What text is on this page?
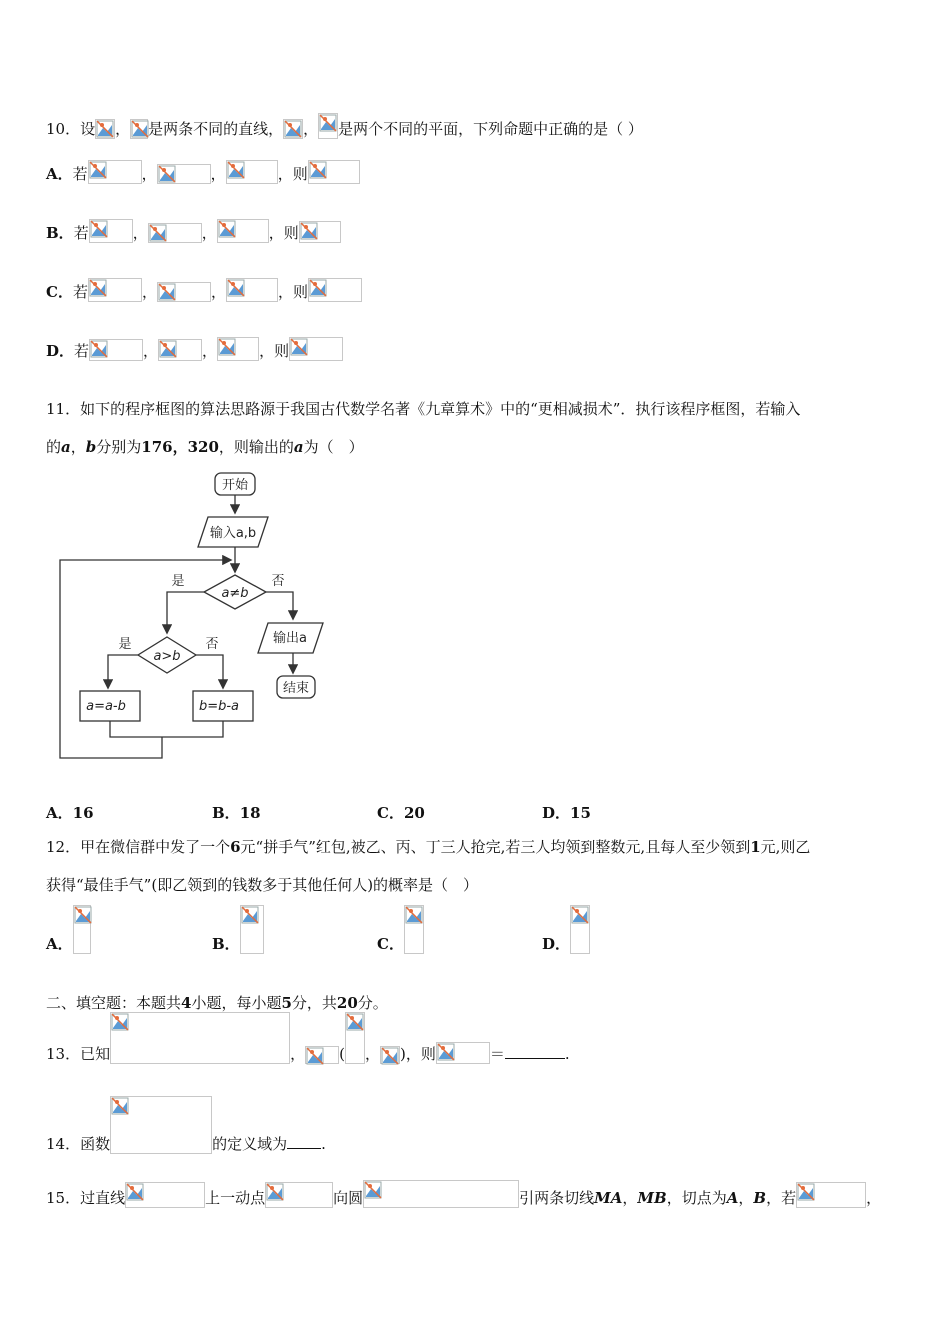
10．设 ， 是两条不同的直线， ， 是两个不同的平面，下列命题中正确的是（ ）
A．若	，	，	，则
B．若	，	，	，则
C．若	，	，	，则
D．若	，	，	，则
11．如下的程序框图的算法思路源于我国古代数学名著《九章算术》中的“更相减损术”．执行该程序框图，若输入
的a，b分别为176，320，则输出的a为（　）
开始
输入a,b
a≠b
是	否
输出a
结束
a>b
是	否
a=a-b	b=b-a
A．16	B．18	C．20	D．15
12．甲在微信群中发了一个6元“拼手气”红包,被乙、丙、丁三人抢完,若三人均领到整数元,且每人至少领到1元,则乙
获得“最佳手气”(即乙领到的钱数多于其他任何人)的概率是（　）
A．	B．	C．	D．
二、填空题：本题共4小题，每小题5分，共20分。
13．已知	， ( ， )，则	＝	.
14．函数	的定义域为 .
15．过直线	上一动点	向圆	引两条切线MA，MB，切点为A，B，若	，
